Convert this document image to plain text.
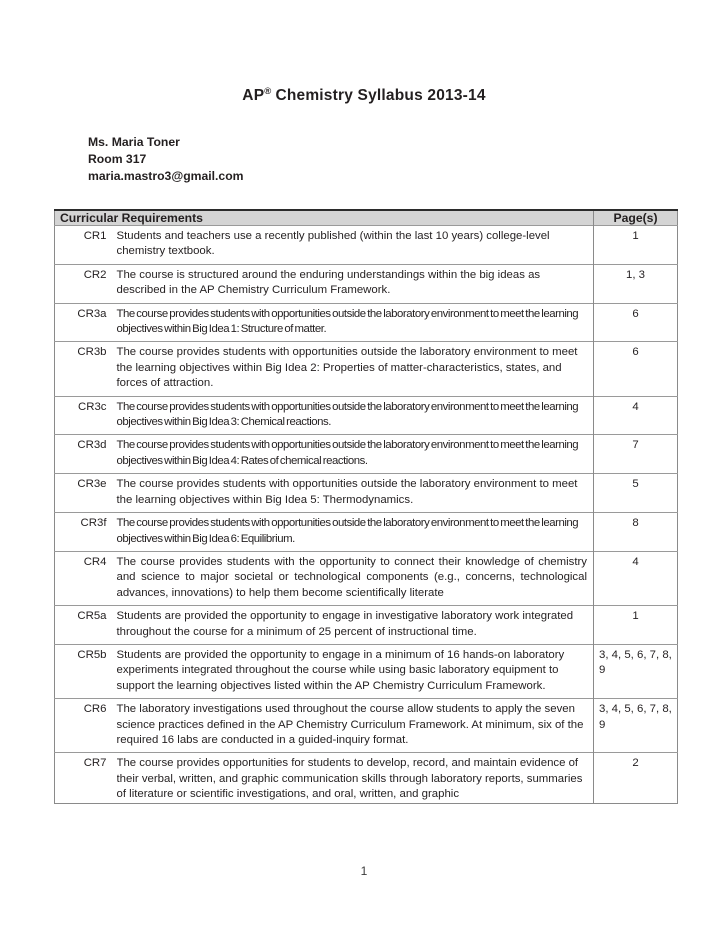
AP® Chemistry Syllabus 2013-14
Ms. Maria Toner
Room 317
maria.mastro3@gmail.com
Curricular Requirements		Page(s)
CR1	Students and teachers use a recently published (within the last 10 years) college-level chemistry textbook.	1
CR2	The course is structured around the enduring understandings within the big ideas as described in the AP Chemistry Curriculum Framework.	1, 3
CR3a	The course provides students with opportunities outside the laboratory environment to meet the learning objectives within Big Idea 1: Structure of matter.	6
CR3b	The course provides students with opportunities outside the laboratory environment to meet the learning objectives within Big Idea 2: Properties of matter-characteristics, states, and forces of attraction.	6
CR3c	The course provides students with opportunities outside the laboratory environment to meet the learning objectives within Big Idea 3: Chemical reactions.	4
CR3d	The course provides students with opportunities outside the laboratory environment to meet the learning objectives within Big Idea 4: Rates of chemical reactions.	7
CR3e	The course provides students with opportunities outside the laboratory environment to meet the learning objectives within Big Idea 5: Thermodynamics.	5
CR3f	The course provides students with opportunities outside the laboratory environment to meet the learning objectives within Big Idea 6: Equilibrium.	8
CR4	The course provides students with the opportunity to connect their knowledge of chemistry and science to major societal or technological components (e.g., concerns, technological advances, innovations) to help them become scientifically literate	4
CR5a	Students are provided the opportunity to engage in investigative laboratory work integrated throughout the course for a minimum of 25 percent of instructional time.	1
CR5b	Students are provided the opportunity to engage in a minimum of 16 hands-on laboratory experiments integrated throughout the course while using basic laboratory equipment to support the learning objectives listed within the AP Chemistry Curriculum Framework.	3, 4, 5, 6, 7, 8, 9
CR6	The laboratory investigations used throughout the course allow students to apply the seven science practices defined in the AP Chemistry Curriculum Framework. At minimum, six of the required 16 labs are conducted in a guided-inquiry format.	3, 4, 5, 6, 7, 8, 9
CR7	The course provides opportunities for students to develop, record, and maintain evidence of their verbal, written, and graphic communication skills through laboratory reports, summaries of literature or scientific investigations, and oral, written, and graphic	2
1
